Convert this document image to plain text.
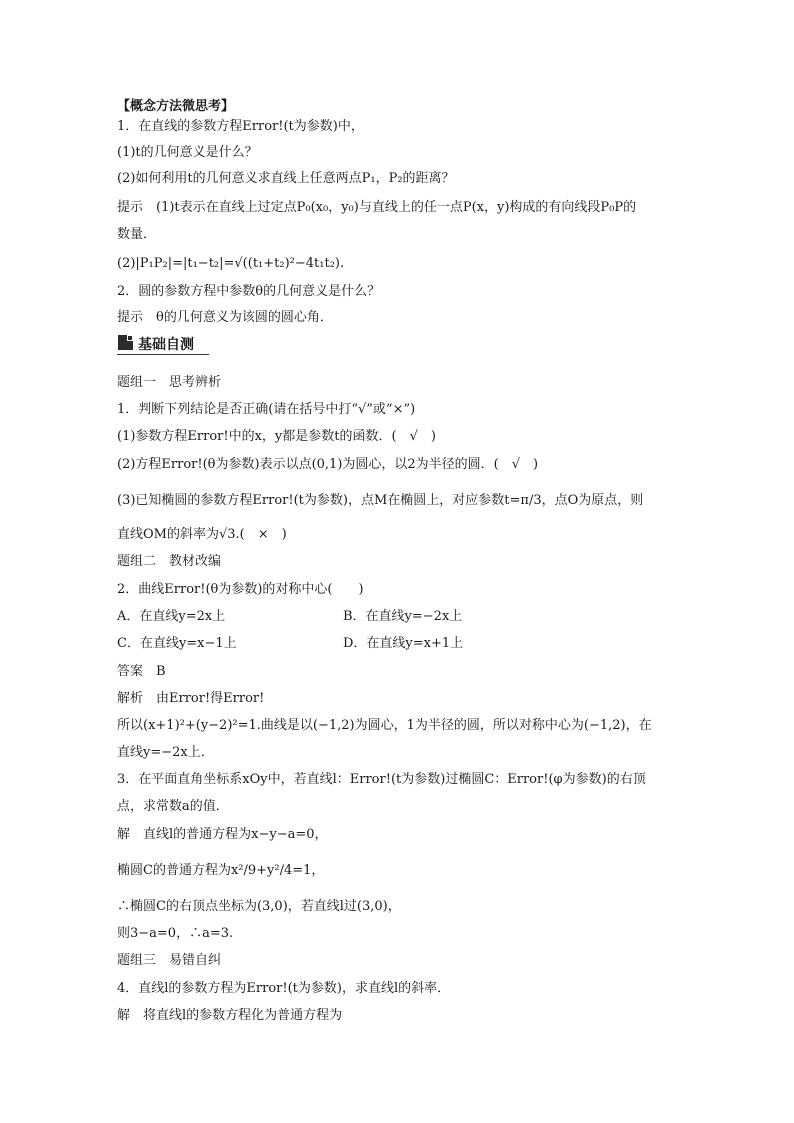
【概念方法微思考】
1．在直线的参数方程Error!(t为参数)中，
(1)t的几何意义是什么？
(2)如何利用t的几何意义求直线上任意两点P₁，P₂的距离？
提示　(1)t表示在直线上过定点P₀(x₀，y₀)与直线上的任一点P(x，y)构成的有向线段P₀P的
数量．
(2)|P₁P₂|=|t₁−t₂|=√((t₁+t₂)²−4t₁t₂).
2．圆的参数方程中参数θ的几何意义是什么？
提示　θ的几何意义为该圆的圆心角．
基础自测
题组一　思考辨析
1．判断下列结论是否正确(请在括号中打“√”或“×”)
(1)参数方程Error!中的x，y都是参数t的函数．(　√　)
(2)方程Error!(θ为参数)表示以点(0,1)为圆心，以2为半径的圆．(　√　)
(3)已知椭圆的参数方程Error!(t为参数)，点M在椭圆上，对应参数t=π/3，点O为原点，则
直线OM的斜率为√3.(　×　)
题组二　教材改编
2．曲线Error!(θ为参数)的对称中心(　　)
A．在直线y=2x上	B．在直线y=−2x上
C．在直线y=x−1上	D．在直线y=x+1上
答案　B
解析　由Error!得Error!
所以(x+1)²+(y−2)²=1.曲线是以(−1,2)为圆心，1为半径的圆，所以对称中心为(−1,2)，在
直线y=−2x上．
3．在平面直角坐标系xOy中，若直线l：Error!(t为参数)过椭圆C：Error!(φ为参数)的右顶
点，求常数a的值．
解　直线l的普通方程为x−y−a=0，
椭圆C的普通方程为x²/9+y²/4=1，
∴椭圆C的右顶点坐标为(3,0)，若直线l过(3,0)，
则3−a=0，∴a=3.
题组三　易错自纠
4．直线l的参数方程为Error!(t为参数)，求直线l的斜率．
解　将直线l的参数方程化为普通方程为
